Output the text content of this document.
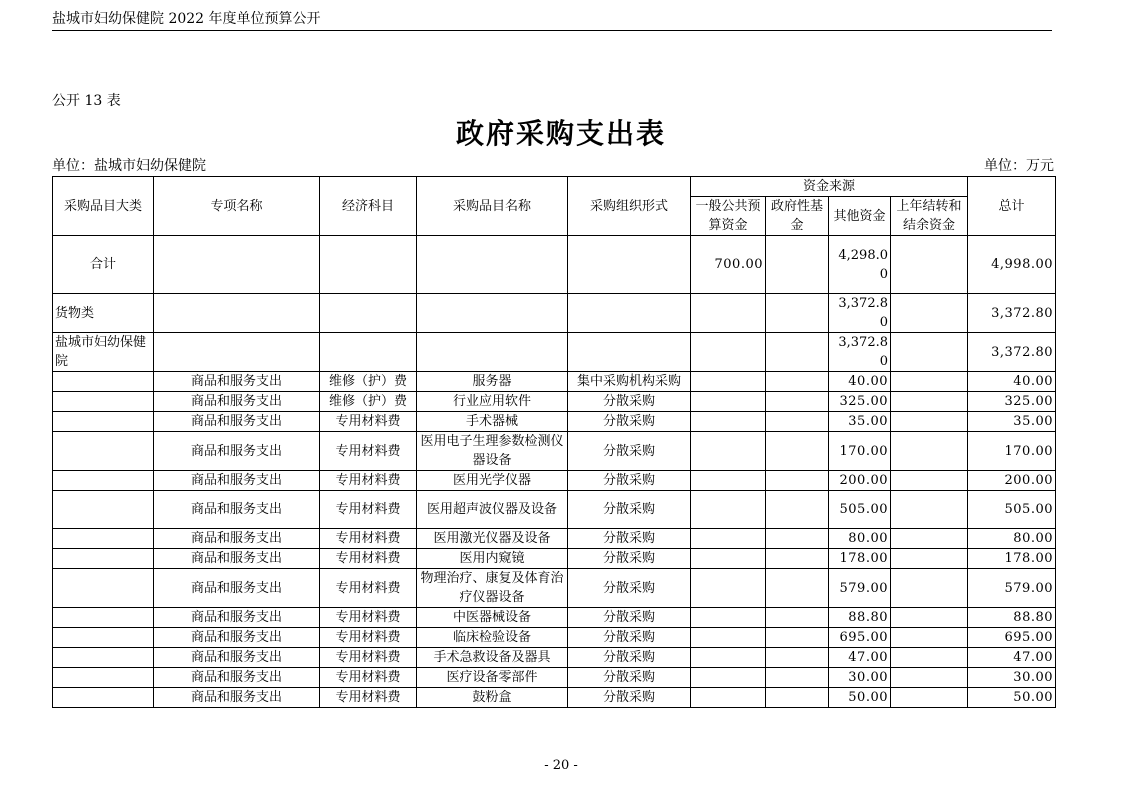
盐城市妇幼保健院 2022 年度单位预算公开
公开 13 表
政府采购支出表
单位：盐城市妇幼保健院	单位：万元
采购品目大类	专项名称	经济科目	采购品目名称	采购组织形式	资金来源				总计
					一般公共预算资金	政府性基金	其他资金	上年结转和结余资金	
合计					700.00		4,298.00		4,998.00
货物类							3,372.80		3,372.80
盐城市妇幼保健院							3,372.80		3,372.80
	商品和服务支出	维修（护）费	服务器	集中采购机构采购			40.00		40.00
	商品和服务支出	维修（护）费	行业应用软件	分散采购			325.00		325.00
	商品和服务支出	专用材料费	手术器械	分散采购			35.00		35.00
	商品和服务支出	专用材料费	医用电子生理参数检测仪器设备	分散采购			170.00		170.00
	商品和服务支出	专用材料费	医用光学仪器	分散采购			200.00		200.00
	商品和服务支出	专用材料费	医用超声波仪器及设备	分散采购			505.00		505.00
	商品和服务支出	专用材料费	医用激光仪器及设备	分散采购			80.00		80.00
	商品和服务支出	专用材料费	医用内窥镜	分散采购			178.00		178.00
	商品和服务支出	专用材料费	物理治疗、康复及体育治疗仪器设备	分散采购			579.00		579.00
	商品和服务支出	专用材料费	中医器械设备	分散采购			88.80		88.80
	商品和服务支出	专用材料费	临床检验设备	分散采购			695.00		695.00
	商品和服务支出	专用材料费	手术急救设备及器具	分散采购			47.00		47.00
	商品和服务支出	专用材料费	医疗设备零部件	分散采购			30.00		30.00
	商品和服务支出	专用材料费	鼓粉盒	分散采购			50.00		50.00
- 20 -
